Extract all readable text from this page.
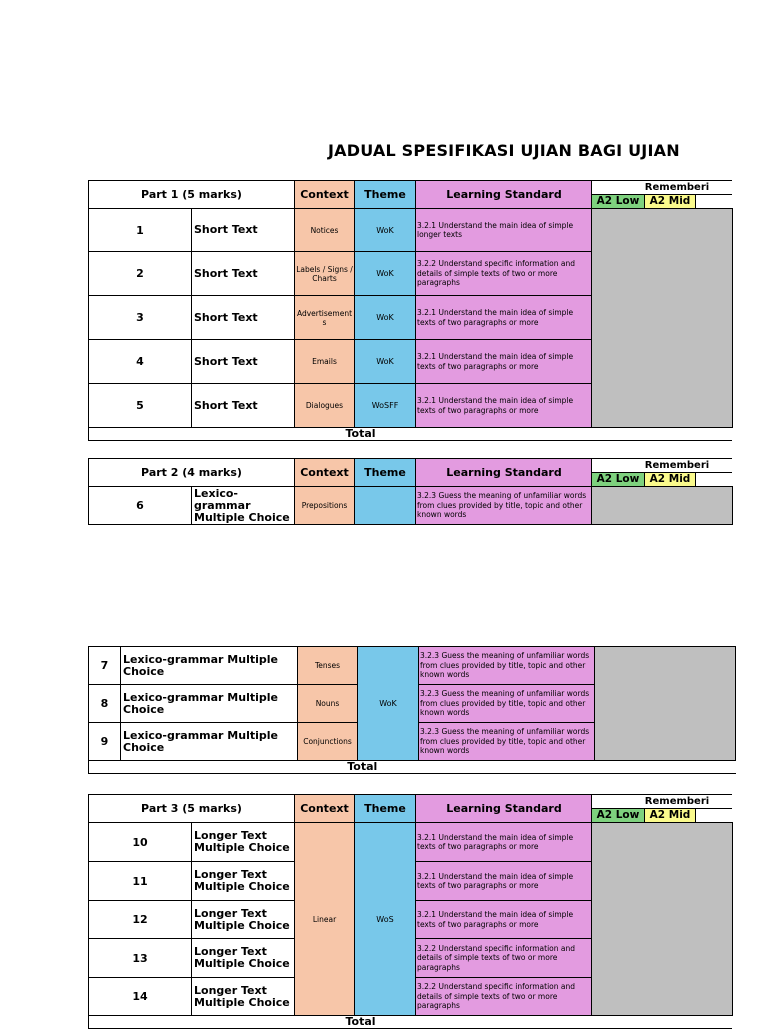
JADUAL SPESIFIKASI UJIAN BAGI UJIAN
Part 1 (5 marks)		Context	Theme	Learning Standard	Rememberi
A2 Low A2 Mid

1	Short Text	Notices	WoK	3.2.1 Understand the main idea of simple longer texts	
2	Short Text	Labels / Signs / Charts	WoK	3.2.2 Understand specific information and details of simple texts of two or more paragraphs	
3	Short Text	Advertisement s	WoK	3.2.1 Understand the main idea of simple texts of two paragraphs or more	
4	Short Text	Emails	WoK	3.2.1 Understand the main idea of simple texts of two paragraphs or more	
5	Short Text	Dialogues	WoSFF	3.2.1 Understand the main idea of simple texts of two paragraphs or more	
Total					
Part 2 (4 marks)		Context	Theme	Learning Standard	Rememberi
A2 Low A2 Mid

6	Lexico-grammar Multiple Choice	Prepositions		3.2.3 Guess the meaning of unfamiliar words from clues provided by title, topic and other known words	
7	Lexico-grammar Multiple Choice	Tenses	WoK	3.2.3 Guess the meaning of unfamiliar words from clues provided by title, topic and other known words	
8	Lexico-grammar Multiple Choice	Nouns		3.2.3 Guess the meaning of unfamiliar words from clues provided by title, topic and other known words	
9	Lexico-grammar Multiple Choice	Conjunctions		3.2.3 Guess the meaning of unfamiliar words from clues provided by title, topic and other known words	
Total					
Part 3 (5 marks)		Context	Theme	Learning Standard	Rememberi
A2 Low A2 Mid

10	Longer Text Multiple Choice	Linear	WoS	3.2.1 Understand the main idea of simple texts of two paragraphs or more	
11	Longer Text Multiple Choice			3.2.1 Understand the main idea of simple texts of two paragraphs or more	
12	Longer Text Multiple Choice			3.2.1 Understand the main idea of simple texts of two paragraphs or more	
13	Longer Text Multiple Choice			3.2.2 Understand specific information and details of simple texts of two or more paragraphs	
14	Longer Text Multiple Choice			3.2.2 Understand specific information and details of simple texts of two or more paragraphs	
Total					
